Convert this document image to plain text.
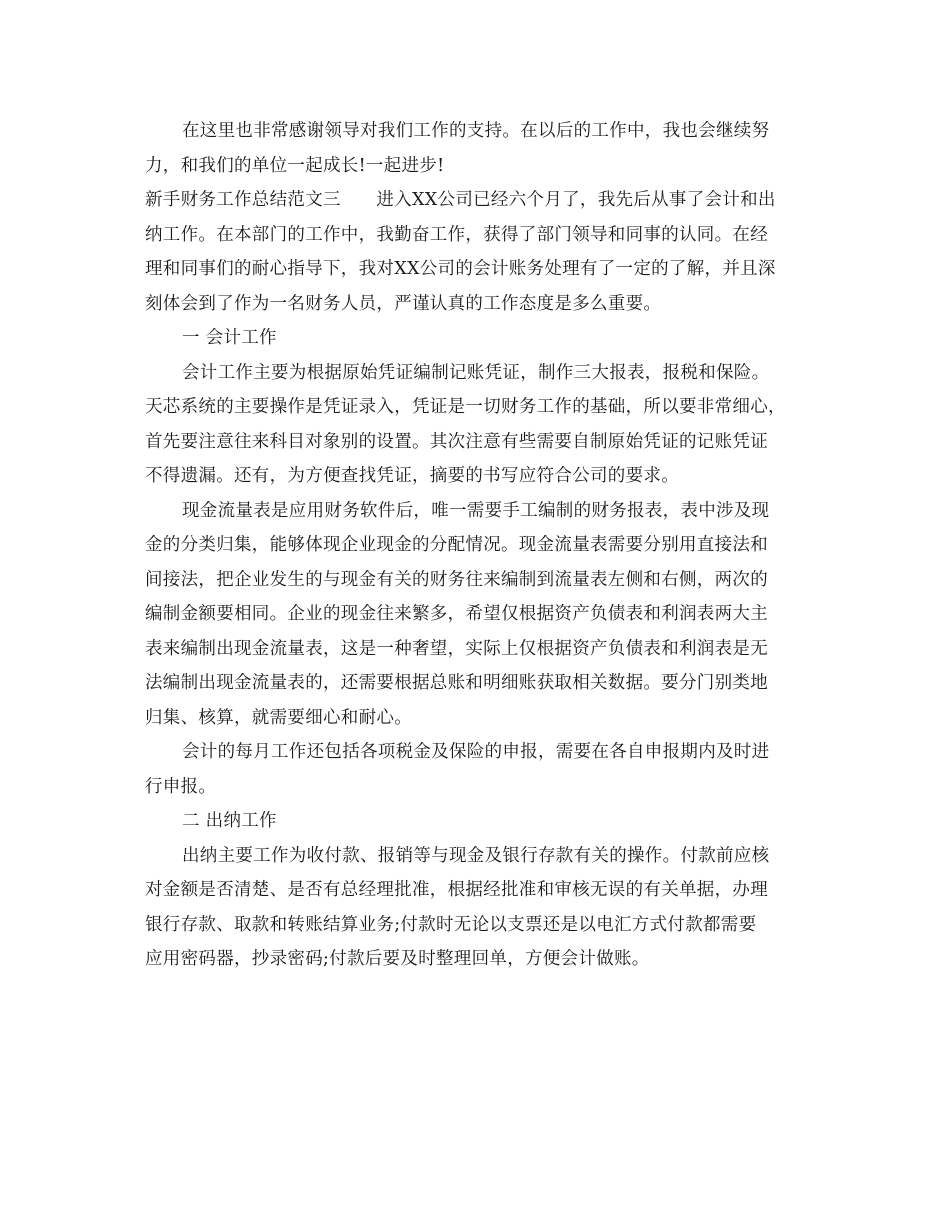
在这里也非常感谢领导对我们工作的支持。在以后的工作中，我也会继续努
力，和我们的单位一起成长!一起进步!
新手财务工作总结范文三　　进入XX公司已经六个月了，我先后从事了会计和出
纳工作。在本部门的工作中，我勤奋工作，获得了部门领导和同事的认同。在经
理和同事们的耐心指导下，我对XX公司的会计账务处理有了一定的了解，并且深
刻体会到了作为一名财务人员，严谨认真的工作态度是多么重要。
一 会计工作
会计工作主要为根据原始凭证编制记账凭证，制作三大报表，报税和保险。
天芯系统的主要操作是凭证录入，凭证是一切财务工作的基础，所以要非常细心，
首先要注意往来科目对象别的设置。其次注意有些需要自制原始凭证的记账凭证
不得遗漏。还有，为方便查找凭证，摘要的书写应符合公司的要求。
现金流量表是应用财务软件后，唯一需要手工编制的财务报表，表中涉及现
金的分类归集，能够体现企业现金的分配情况。现金流量表需要分别用直接法和
间接法，把企业发生的与现金有关的财务往来编制到流量表左侧和右侧，两次的
编制金额要相同。企业的现金往来繁多，希望仅根据资产负债表和利润表两大主
表来编制出现金流量表，这是一种奢望，实际上仅根据资产负债表和利润表是无
法编制出现金流量表的，还需要根据总账和明细账获取相关数据。要分门别类地
归集、核算，就需要细心和耐心。
会计的每月工作还包括各项税金及保险的申报，需要在各自申报期内及时进
行申报。
二 出纳工作
出纳主要工作为收付款、报销等与现金及银行存款有关的操作。付款前应核
对金额是否清楚、是否有总经理批准，根据经批准和审核无误的有关单据，办理
银行存款、取款和转账结算业务;付款时无论以支票还是以电汇方式付款都需要
应用密码器，抄录密码;付款后要及时整理回单，方便会计做账。
